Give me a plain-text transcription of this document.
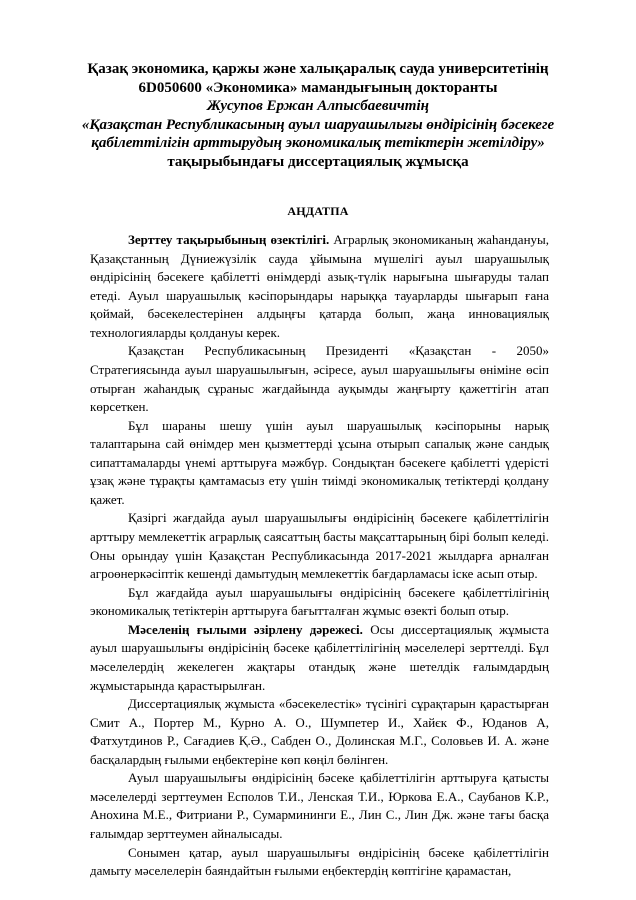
Қазақ экономика, қаржы және халықаралық сауда университетінің
6D050600 «Экономика» мамандығының докторанты
Жусупов Ержан Алпысбаевичтің
«Қазақстан Республикасының ауыл шаруашылығы өндірісінің бәсекеге
қабілеттілігін арттырудың экономикалық тетіктерін жетілдіру»
тақырыбындағы диссертациялық жұмысқа
АҢДАТПА

Зерттеу тақырыбының өзектілігі. Аграрлық экономиканың жаһандануы, Қазақстанның Дүниежүзілік сауда ұйымына мүшелігі ауыл шаруашылық өндірісінің бәсекеге қабілетті өнімдерді азық-түлік нарығына шығаруды талап етеді. Ауыл шаруашылық кәсіпорындары нарыққа тауарларды шығарып ғана қоймай, бәсекелестерінен алдыңғы қатарда болып, жаңа инновациялық технологияларды қолдануы керек.

Қазақстан Республикасының Президенті «Қазақстан - 2050» Стратегиясында ауыл шаруашылығын, әсіресе, ауыл шаруашылығы өніміне өсіп отырған жаһандық сұраныс жағдайында ауқымды жаңғырту қажеттігін атап көрсеткен.

Бұл шараны шешу үшін ауыл шаруашылық кәсіпорыны нарық талаптарына сай өнімдер мен қызметтерді ұсына отырып сапалық және сандық сипаттамаларды үнемі арттыруға мәжбүр. Сондықтан бәсекеге қабілетті үдерісті ұзақ және тұрақты қамтамасыз ету үшін тиімді экономикалық тетіктерді қолдану қажет.

Қазіргі жағдайда ауыл шаруашылығы өндірісінің бәсекеге қабілеттілігін арттыру мемлекеттік аграрлық саясаттың басты мақсаттарының бірі болып келеді. Оны орындау үшін Қазақстан Республикасында 2017-2021 жылдарға арналған агроөнеркәсіптік кешенді дамытудың мемлекеттік бағдарламасы іске асып отыр.

Бұл жағдайда ауыл шаруашылығы өндірісінің бәсекеге қабілеттілігінің экономикалық тетіктерін арттыруға бағытталған жұмыс өзекті болып отыр.

Мәселенің ғылыми әзірлену дәрежесі. Осы диссертациялық жұмыста ауыл шаруашылығы өндірісінің бәсеке қабілеттілігінің мәселелері зерттелді. Бұл мәселелердің жекелеген жақтары отандық және шетелдік ғалымдардың жұмыстарында қарастырылған.

Диссертациялық жұмыста «бәсекелестік» түсінігі сұрақтарын қарастырған Смит А., Портер М., Курно А. О., Шумпетер И., Хайєк Ф., Юданов А, Фатхутдинов Р., Сағадиев Қ.Ә., Сабден О., Долинская М.Г., Соловьев И. А. және басқалардың ғылыми еңбектеріне көп көңіл бөлінген.

Ауыл шаруашылығы өндірісінің бәсеке қабілеттілігін арттыруға қатысты мәселелерді зерттеумен Есполов Т.И., Ленская Т.И., Юркова Е.А., Саубанов К.Р., Анохина М.Е., Фитриани Р., Сумармининги Е., Лин С., Лин Дж. және тағы басқа ғалымдар зерттеумен айналысады.

Сонымен қатар, ауыл шаруашылығы өндірісінің бәсеке қабілеттілігін дамыту мәселелерін баяндайтын ғылыми еңбектердің көптігіне қарамастан,
